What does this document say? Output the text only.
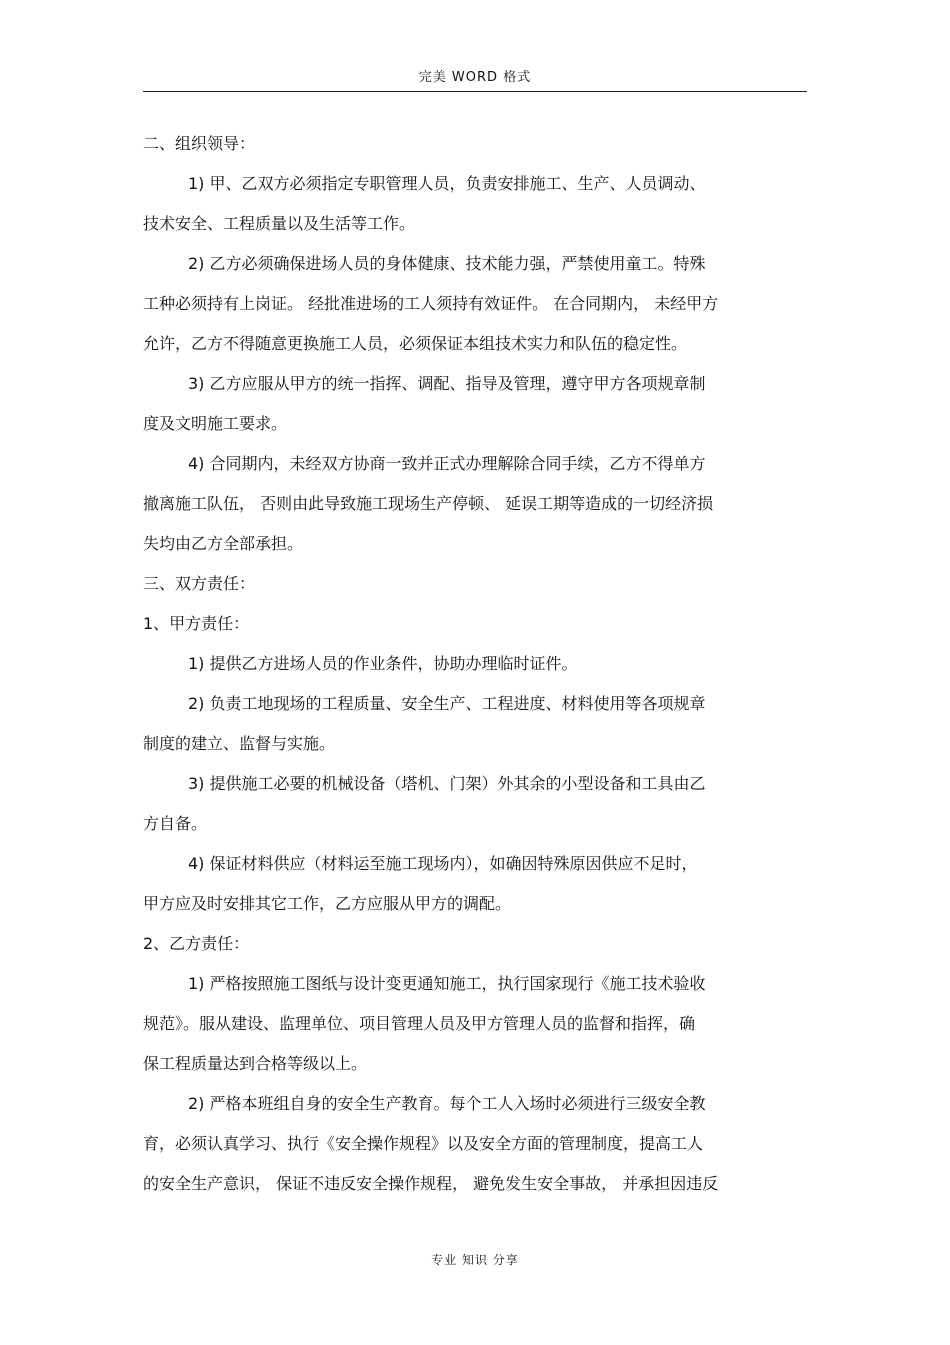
完美 WORD 格式

二、组织领导：

1) 甲、乙双方必须指定专职管理人员，负责安排施工、生产、人员调动、
技术安全、工程质量以及生活等工作。

2) 乙方必须确保进场人员的身体健康、技术能力强，严禁使用童工。特殊
工种必须持有上岗证。 经批准进场的工人须持有效证件。 在合同期内， 未经甲方
允许，乙方不得随意更换施工人员，必须保证本组技术实力和队伍的稳定性。

3) 乙方应服从甲方的统一指挥、调配、指导及管理，遵守甲方各项规章制
度及文明施工要求。

4) 合同期内，未经双方协商一致并正式办理解除合同手续，乙方不得单方
撤离施工队伍， 否则由此导致施工现场生产停顿、 延误工期等造成的一切经济损
失均由乙方全部承担。

三、双方责任：

1、甲方责任：

1) 提供乙方进场人员的作业条件，协助办理临时证件。

2) 负责工地现场的工程质量、安全生产、工程进度、材料使用等各项规章
制度的建立、监督与实施。

3) 提供施工必要的机械设备（塔机、门架）外其余的小型设备和工具由乙
方自备。

4) 保证材料供应（材料运至施工现场内），如确因特殊原因供应不足时，
甲方应及时安排其它工作，乙方应服从甲方的调配。

2、乙方责任：

1) 严格按照施工图纸与设计变更通知施工，执行国家现行《施工技术验收
规范》。服从建设、监理单位、项目管理人员及甲方管理人员的监督和指挥，确
保工程质量达到合格等级以上。

2) 严格本班组自身的安全生产教育。每个工人入场时必须进行三级安全教
育，必须认真学习、执行《安全操作规程》以及安全方面的管理制度，提高工人
的安全生产意识， 保证不违反安全操作规程， 避免发生安全事故， 并承担因违反

专业 知识 分享
